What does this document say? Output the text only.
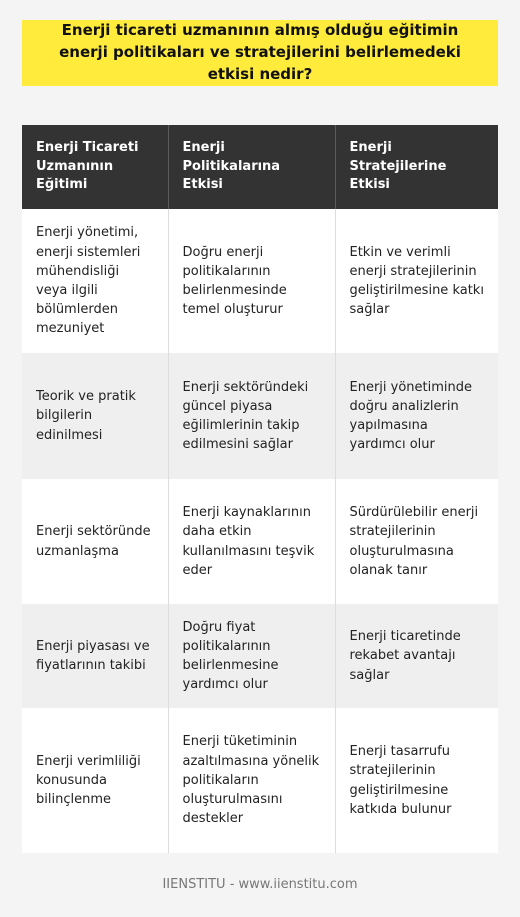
Enerji ticareti uzmanının almış olduğu eğitimin enerji politikaları ve stratejilerini belirlemedeki etkisi nedir?
Enerji Ticareti Uzmanının Eğitimi	Enerji Politikalarına Etkisi	Enerji Stratejilerine Etkisi
Enerji yönetimi, enerji sistemleri mühendisliği veya ilgili bölümlerden mezuniyet	Doğru enerji politikalarının belirlenmesinde temel oluşturur	Etkin ve verimli enerji stratejilerinin geliştirilmesine katkı sağlar
Teorik ve pratik bilgilerin edinilmesi	Enerji sektöründeki güncel piyasa eğilimlerinin takip edilmesini sağlar	Enerji yönetiminde doğru analizlerin yapılmasına yardımcı olur
Enerji sektöründe uzmanlaşma	Enerji kaynaklarının daha etkin kullanılmasını teşvik eder	Sürdürülebilir enerji stratejilerinin oluşturulmasına olanak tanır
Enerji piyasası ve fiyatlarının takibi	Doğru fiyat politikalarının belirlenmesine yardımcı olur	Enerji ticaretinde rekabet avantajı sağlar
Enerji verimliliği konusunda bilinçlenme	Enerji tüketiminin azaltılmasına yönelik politikaların oluşturulmasını destekler	Enerji tasarrufu stratejilerinin geliştirilmesine katkıda bulunur
IIENSTITU - www.iienstitu.com
